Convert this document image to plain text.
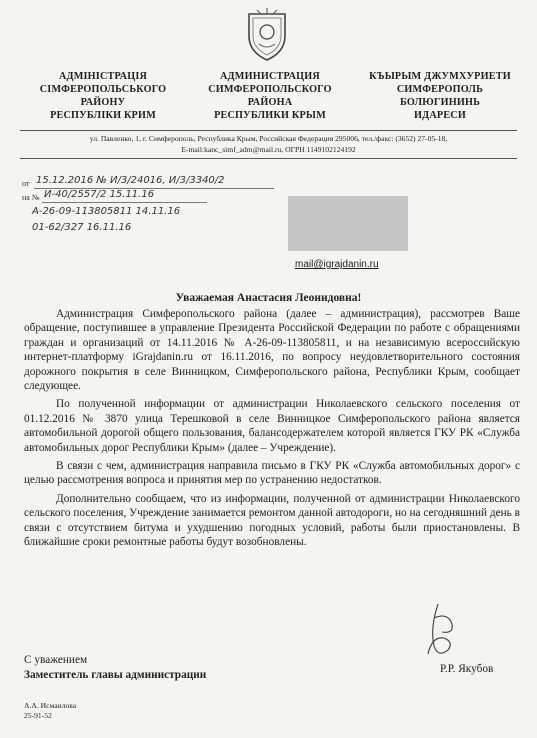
АДМІНІСТРАЦІЯ
СІМФЕРОПОЛЬСЬКОГО
РАЙОНУ
РЕСПУБЛІКИ КРИМ
АДМИНИСТРАЦИЯ
СИМФЕРОПОЛЬСКОГО
РАЙОНА
РЕСПУБЛИКИ КРЫМ
КЪЫРЫМ ДЖУМХУРИЕТИ
СИМФЕРОПОЛЬ
БОЛЮГИНИНЬ
ИДАРЕСИ
ул. Павленко, 1, г. Симферополь, Республика Крым, Российская Федерация 295006, тел./факс: (3652) 27-05-18,
E-mail:kanc_simf_adm@mail.ru, ОГРН 1149102124192
от 15.12.2016 № И/3/24016, И/3/3340/2
на № И-40/2557/2 15.11.16
А-26-09-113805811 14.11.16
01-62/327 16.11.16
mail@igrajdanin.ru
Уважаемая Анастасия Леонидовна!

Администрация Симферопольского района (далее – администрация), рассмотрев Ваше обращение, поступившее в управление Президента Российской Федерации по работе с обращениями граждан и организаций от 14.11.2016 № А-26-09-113805811, и на независимую всероссийскую интернет-платформу iGrajdanin.ru от 16.11.2016, по вопросу неудовлетворительного состояния дорожного покрытия в селе Винницком, Симферопольского района, Республики Крым, сообщает следующее.

По полученной информации от администрации Николаевского сельского поселения от 01.12.2016 № 3870 улица Терешковой в селе Винницкое Симферопольского района является автомобильной дорогой общего пользования, балансодержателем которой является ГКУ РК «Служба автомобильных дорог Республики Крым» (далее – Учреждение).

В связи с чем, администрация направила письмо в ГКУ РК «Служба автомобильных дорог» с целью рассмотрения вопроса и принятия мер по устранению недостатков.

Дополнительно сообщаем, что из информации, полученной от администрации Николаевского сельского поселения, Учреждение занимается ремонтом данной автодороги, но на сегодняшний день в связи с отсутствием битума и ухудшению погодных условий, работы были приостановлены. В ближайшие сроки ремонтные работы будут возобновлены.

С уважением
Заместитель главы администрации	Р.Р. Якубов
А.А. Исмаилова
25-91-52
